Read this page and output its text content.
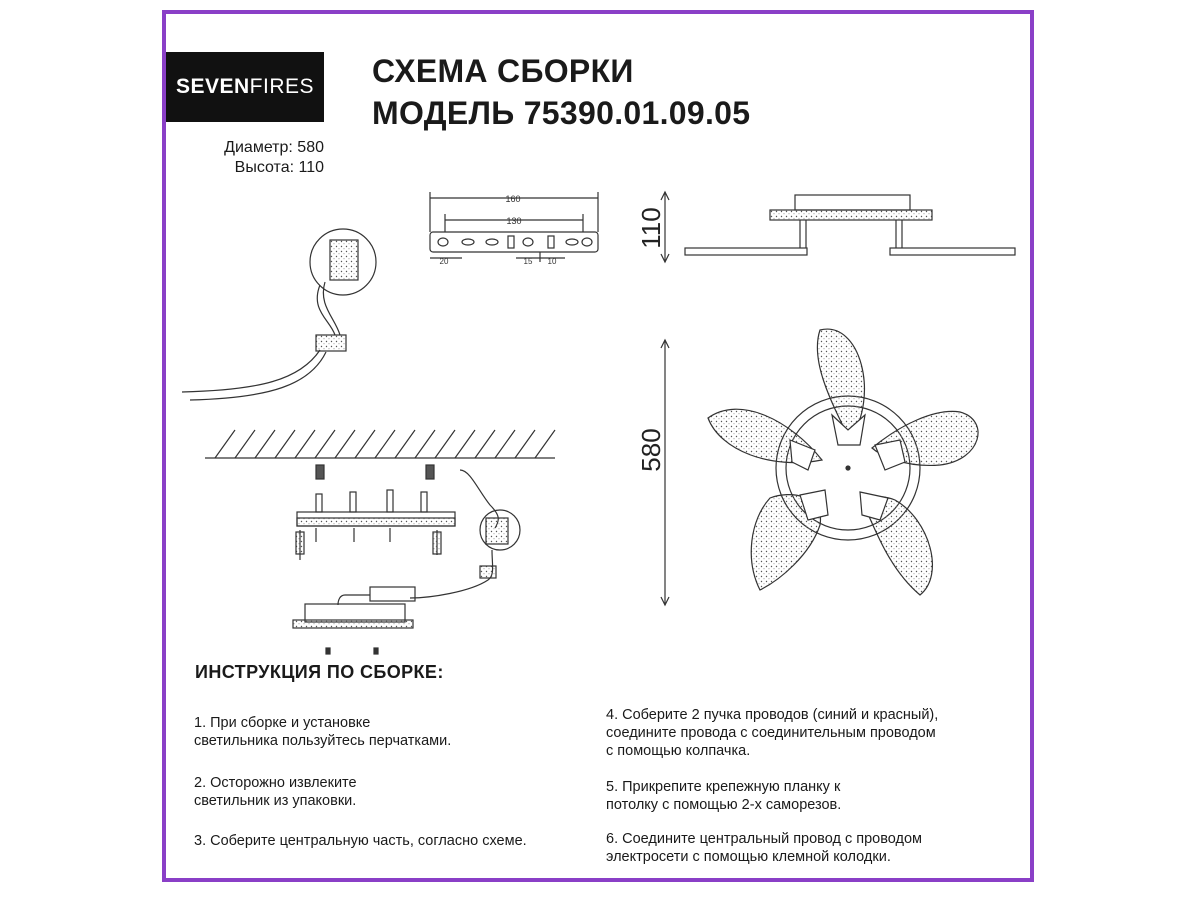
SEVEN FIRES
Диаметр: 580
Высота: 110
СХЕМА СБОРКИ
МОДЕЛЬ 75390.01.09.05
160
130
20	15 10
110
580
ИНСТРУКЦИЯ ПО СБОРКЕ:
1. При сборке и установке
светильника пользуйтесь перчатками.
2. Осторожно извлеките
светильник из упаковки.
3. Соберите центральную часть, согласно схеме.
4. Соберите 2 пучка проводов (синий и красный),
соедините провода с соединительным проводом
с помощью колпачка.
5. Прикрепите крепежную планку к
потолку с помощью 2-х саморезов.
6. Соедините центральный провод с проводом
электросети с помощью клемной колодки.
